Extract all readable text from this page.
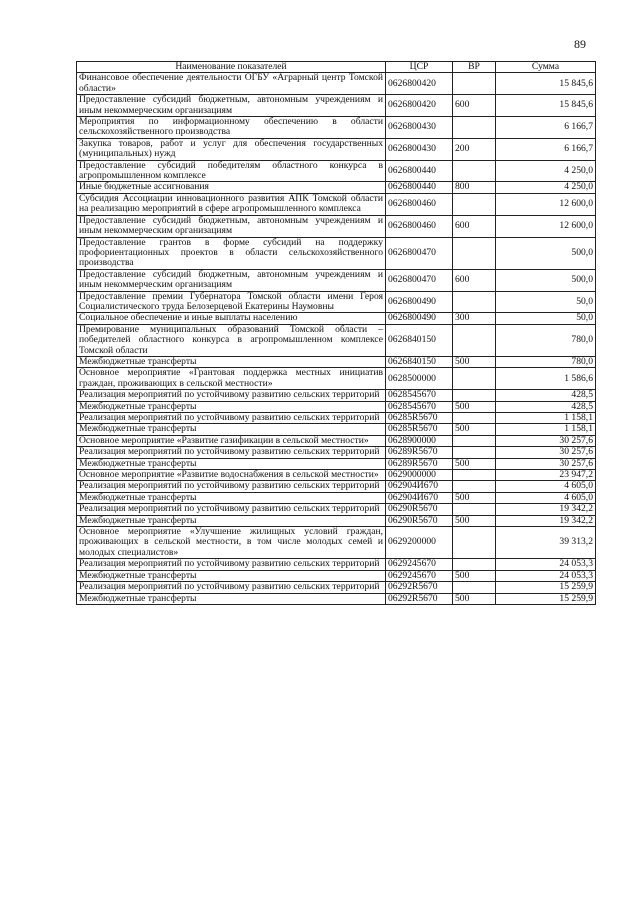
89
Наименование показателей	ЦСР	ВР	Сумма
Финансовое обеспечение деятельности ОГБУ «Аграрный центр Томской области»	0626800420		15 845,6
Предоставление субсидий бюджетным, автономным учреждениям и иным некоммерческим организациям	0626800420	600	15 845,6
Мероприятия по информационному обеспечению в области сельскохозяйственного производства	0626800430		6 166,7
Закупка товаров, работ и услуг для обеспечения государственных (муниципальных) нужд	0626800430	200	6 166,7
Предоставление субсидий победителям областного конкурса в агропромышленном комплексе	0626800440		4 250,0
Иные бюджетные ассигнования	0626800440	800	4 250,0
Субсидия Ассоциации инновационного развития АПК Томской области на реализацию мероприятий в сфере агропромышленного комплекса	0626800460		12 600,0
Предоставление субсидий бюджетным, автономным учреждениям и иным некоммерческим организациям	0626800460	600	12 600,0
Предоставление грантов в форме субсидий на поддержку профориентационных проектов в области сельскохозяйственного производства	0626800470		500,0
Предоставление субсидий бюджетным, автономным учреждениям и иным некоммерческим организациям	0626800470	600	500,0
Предоставление премии Губернатора Томской области имени Героя Социалистического труда Белозерцевой Екатерины Наумовны	0626800490		50,0
Социальное обеспечение и иные выплаты населению	0626800490	300	50,0
Премирование муниципальных образований Томской области – победителей областного конкурса в агропромышленном комплексе Томской области	0626840150		780,0
Межбюджетные трансферты	0626840150	500	780,0
Основное мероприятие «Грантовая поддержка местных инициатив граждан, проживающих в сельской местности»	0628500000		1 586,6
Реализация мероприятий по устойчивому развитию сельских территорий	0628545670		428,5
Межбюджетные трансферты	0628545670	500	428,5
Реализация мероприятий по устойчивому развитию сельских территорий	06285R5670		1 158,1
Межбюджетные трансферты	06285R5670	500	1 158,1
Основное мероприятие «Развитие газификации в сельской местности»	0628900000		30 257,6
Реализация мероприятий по устойчивому развитию сельских территорий	06289R5670		30 257,6
Межбюджетные трансферты	06289R5670	500	30 257,6
Основное мероприятие «Развитие водоснабжения в сельской местности»	0629000000		23 947,2
Реализация мероприятий по устойчивому развитию сельских территорий	062904И670		4 605,0
Межбюджетные трансферты	062904И670	500	4 605,0
Реализация мероприятий по устойчивому развитию сельских территорий	06290R5670		19 342,2
Межбюджетные трансферты	06290R5670	500	19 342,2
Основное мероприятие «Улучшение жилищных условий граждан, проживающих в сельской местности, в том числе молодых семей и молодых специалистов»	0629200000		39 313,2
Реализация мероприятий по устойчивому развитию сельских территорий	0629245670		24 053,3
Межбюджетные трансферты	0629245670	500	24 053,3
Реализация мероприятий по устойчивому развитию сельских территорий	06292R5670		15 259,9
Межбюджетные трансферты	06292R5670	500	15 259,9
